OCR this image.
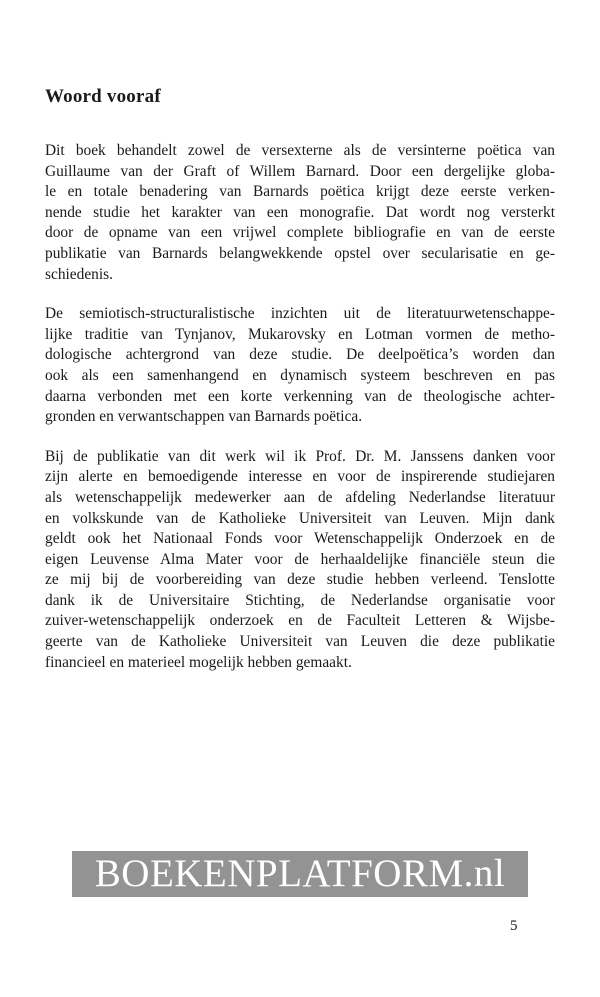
Woord vooraf

Dit boek behandelt zowel de versexterne als de versinterne poëtica van
Guillaume van der Graft of Willem Barnard. Door een dergelijke globa-
le en totale benadering van Barnards poëtica krijgt deze eerste verken-
nende studie het karakter van een monografie. Dat wordt nog versterkt
door de opname van een vrijwel complete bibliografie en van de eerste
publikatie van Barnards belangwekkende opstel over secularisatie en ge-
schiedenis.

De semiotisch-structuralistische inzichten uit de literatuurwetenschappe-
lijke traditie van Tynjanov, Mukarovsky en Lotman vormen de metho-
dologische achtergrond van deze studie. De deelpoëtica’s worden dan
ook als een samenhangend en dynamisch systeem beschreven en pas
daarna verbonden met een korte verkenning van de theologische achter-
gronden en verwantschappen van Barnards poëtica.

Bij de publikatie van dit werk wil ik Prof. Dr. M. Janssens danken voor
zijn alerte en bemoedigende interesse en voor de inspirerende studiejaren
als wetenschappelijk medewerker aan de afdeling Nederlandse literatuur
en volkskunde van de Katholieke Universiteit van Leuven. Mijn dank
geldt ook het Nationaal Fonds voor Wetenschappelijk Onderzoek en de
eigen Leuvense Alma Mater voor de herhaaldelijke financiële steun die
ze mij bij de voorbereiding van deze studie hebben verleend. Tenslotte
dank ik de Universitaire Stichting, de Nederlandse organisatie voor
zuiver-wetenschappelijk onderzoek en de Faculteit Letteren & Wijsbe-
geerte van de Katholieke Universiteit van Leuven die deze publikatie
financieel en materieel mogelijk hebben gemaakt.

BOEKENPLATFORM.nl
5
